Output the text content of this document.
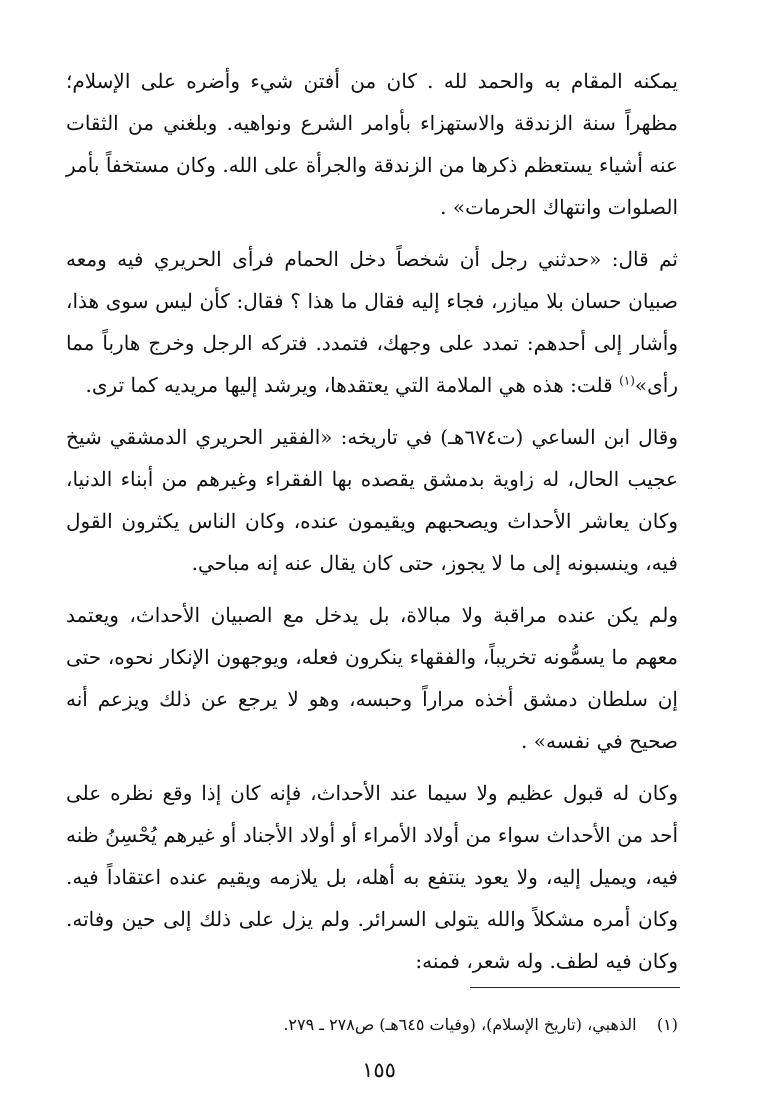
يمكنه المقام به والحمد لله . كان من أفتن شيء وأضره على الإسلام؛ مظهراً سنة الزندقة والاستهزاء بأوامر الشرع ونواهيه. وبلغني من الثقات عنه أشياء يستعظم ذكرها من الزندقة والجرأة على الله. وكان مستخفاً بأمر الصلوات وانتهاك الحرمات» .

ثم قال: «حدثني رجل أن شخصاً دخل الحمام فرأى الحريري فيه ومعه صبيان حسان بلا ميازر، فجاء إليه فقال ما هذا ؟ فقال: كأن ليس سوى هذا، وأشار إلى أحدهم: تمدد على وجهك، فتمدد. فتركه الرجل وخرج هارباً مما رأى»$^{(١)}$ قلت: هذه هي الملامة التي يعتقدها، ويرشد إليها مريديه كما ترى.

وقال ابن الساعي (ت٦٧٤هـ) في تاريخه: «الفقير الحريري الدمشقي شيخ عجيب الحال، له زاوية بدمشق يقصده بها الفقراء وغيرهم من أبناء الدنيا، وكان يعاشر الأحداث ويصحبهم ويقيمون عنده، وكان الناس يكثرون القول فيه، وينسبونه إلى ما لا يجوز، حتى كان يقال عنه إنه مباحي.

ولم يكن عنده مراقبة ولا مبالاة، بل يدخل مع الصبيان الأحداث، ويعتمد معهم ما يسمُّونه تخريباً، والفقهاء ينكرون فعله، ويوجهون الإنكار نحوه، حتى إن سلطان دمشق أخذه مراراً وحبسه، وهو لا يرجع عن ذلك ويزعم أنه صحيح في نفسه» .

وكان له قبول عظيم ولا سيما عند الأحداث، فإنه كان إذا وقع نظره على أحد من الأحداث سواء من أولاد الأمراء أو أولاد الأجناد أو غيرهم يُحْسِنُ ظنه فيه، ويميل إليه، ولا يعود ينتفع به أهله، بل يلازمه ويقيم عنده اعتقاداً فيه. وكان أمره مشكلاً والله يتولى السرائر. ولم يزل على ذلك إلى حين وفاته. وكان فيه لطف. وله شعر، فمنه:

(١)    الذهبي، (تاريخ الإسلام)، (وفيات ٦٤٥هـ) ص٢٧٨ ـ ٢٧٩.
١٥٥
